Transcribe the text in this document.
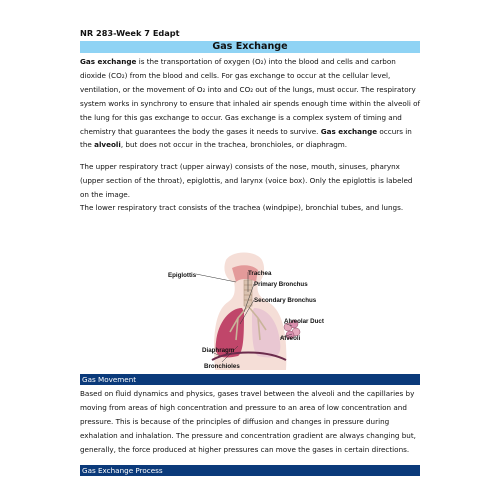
NR 283-Week 7 Edapt
Gas Exchange
Gas exchange is the transportation of oxygen (O₂) into the blood and cells and carbon dioxide (CO₂) from the blood and cells. For gas exchange to occur at the cellular level, ventilation, or the movement of O₂ into and CO₂ out of the lungs, must occur. The respiratory system works in synchrony to ensure that inhaled air spends enough time within the alveoli of the lung for this gas exchange to occur. Gas exchange is a complex system of timing and chemistry that guarantees the body the gases it needs to survive. Gas exchange occurs in the alveoli, but does not occur in the trachea, bronchioles, or diaphragm.
The upper respiratory tract (upper airway) consists of the nose, mouth, sinuses, pharynx (upper section of the throat), epiglottis, and larynx (voice box). Only the epiglottis is labeled on the image.
The lower respiratory tract consists of the trachea (windpipe), bronchial tubes, and lungs.
Epiglottis	Trachea
Primary Bronchus
Secondary Bronchus
Alveolar Duct
Alveoli
Diaphragm
Bronchioles
Gas Movement
Based on fluid dynamics and physics, gases travel between the alveoli and the capillaries by moving from areas of high concentration and pressure to an area of low concentration and pressure. This is because of the principles of diffusion and changes in pressure during exhalation and inhalation. The pressure and concentration gradient are always changing but, generally, the force produced at higher pressures can move the gases in certain directions.
Gas Exchange Process
